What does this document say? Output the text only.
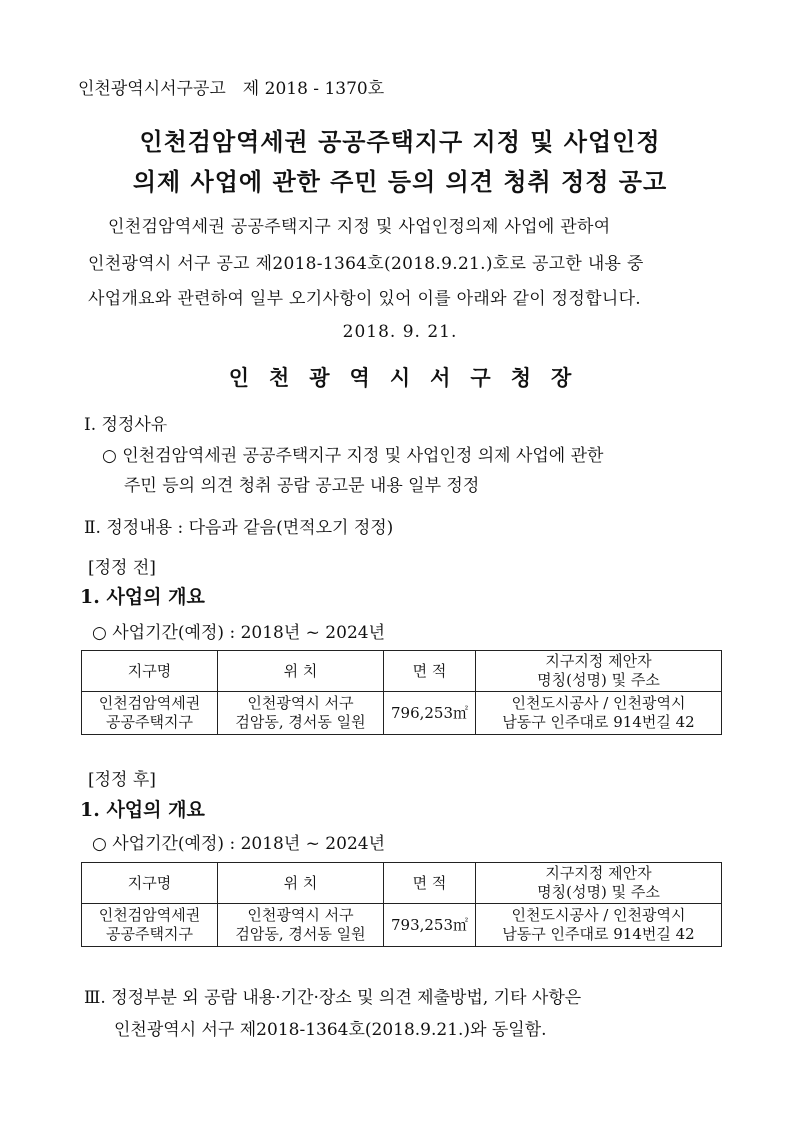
인천광역시서구공고　제 2018 - 1370호
인천검암역세권 공공주택지구 지정 및 사업인정
의제 사업에 관한 주민 등의 의견 청취 정정 공고
인천검암역세권 공공주택지구 지정 및 사업인정의제 사업에 관하여
인천광역시 서구 공고 제2018-1364호(2018.9.21.)호로 공고한 내용 중
사업개요와 관련하여 일부 오기사항이 있어 이를 아래와 같이 정정합니다.
2018. 9. 21.
인천광역시서구청장
Ⅰ. 정정사유
○ 인천검암역세권 공공주택지구 지정 및 사업인정 의제 사업에 관한
주민 등의 의견 청취 공람 공고문 내용 일부 정정
Ⅱ. 정정내용 : 다음과 같음(면적오기 정정)
[정정 전]
1. 사업의 개요
○ 사업기간(예정) : 2018년 ~ 2024년
지구명	위 치	면 적	지구지정 제안자
명칭(성명) 및 주소
인천검암역세권
공공주택지구	인천광역시 서구
검암동, 경서동 일원	796,253㎡	인천도시공사 / 인천광역시
남동구 인주대로 914번길 42
[정정 후]
1. 사업의 개요
○ 사업기간(예정) : 2018년 ~ 2024년
지구명	위 치	면 적	지구지정 제안자
명칭(성명) 및 주소
인천검암역세권
공공주택지구	인천광역시 서구
검암동, 경서동 일원	793,253㎡	인천도시공사 / 인천광역시
남동구 인주대로 914번길 42
Ⅲ. 정정부분 외 공람 내용·기간·장소 및 의견 제출방법, 기타 사항은
인천광역시 서구 제2018-1364호(2018.9.21.)와 동일함.
